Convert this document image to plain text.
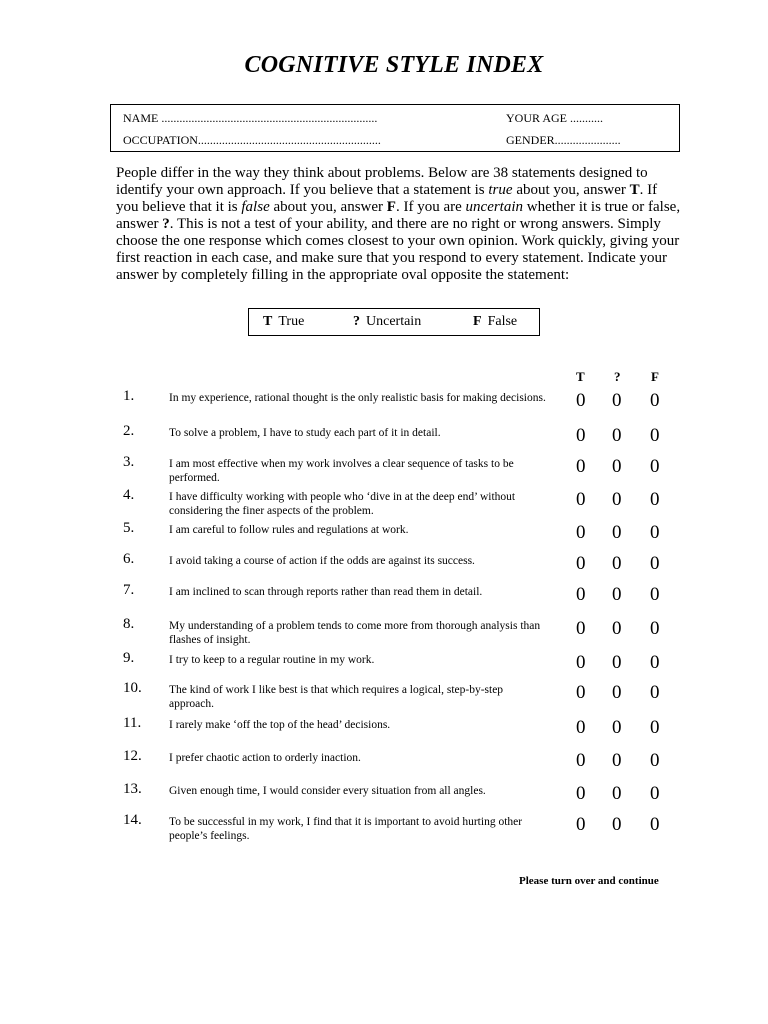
COGNITIVE STYLE INDEX
NAME ........................................................................	YOUR AGE ...........
OCCUPATION.............................................................	GENDER......................

People differ in the way they think about problems. Below are 38 statements designed to identify your own approach. If you believe that a statement is true about you, answer T. If you believe that it is false about you, answer F. If you are uncertain whether it is true or false, answer ?. This is not a test of your ability, and there are no right or wrong answers. Simply choose the one response which comes closest to your own opinion. Work quickly, giving your first reaction in each case, and make sure that you respond to every statement. Indicate your answer by completely filling in the appropriate oval opposite the statement:

T True	? Uncertain	F False
T ? F
1.	In my experience, rational thought is the only realistic basis for making decisions. 0 0 0
2.	To solve a problem, I have to study each part of it in detail.	0 0 0
3.	I am most effective when my work involves a clear sequence of tasks to be performed.
0 0 0
4.	I have difficulty working with people who ‘dive in at the deep end’ without considering the finer aspects of the problem.
0 0 0
5.	I am careful to follow rules and regulations at work.	0 0 0
6.	I avoid taking a course of action if the odds are against its success.	0 0 0
7.	I am inclined to scan through reports rather than read them in detail.	0 0 0
8.	My understanding of a problem tends to come more from thorough analysis than flashes of insight.
0 0 0
9.	I try to keep to a regular routine in my work.	0 0 0
10. The kind of work I like best is that which requires a logical, step-by-step approach.
0 0 0
11. I rarely make ‘off the top of the head’ decisions.	0 0 0
12. I prefer chaotic action to orderly inaction.	0 0 0
13. Given enough time, I would consider every situation from all angles.	0 0 0
14. To be successful in my work, I find that it is important to avoid hurting other people’s feelings.
0 0 0
Please turn over and continue
